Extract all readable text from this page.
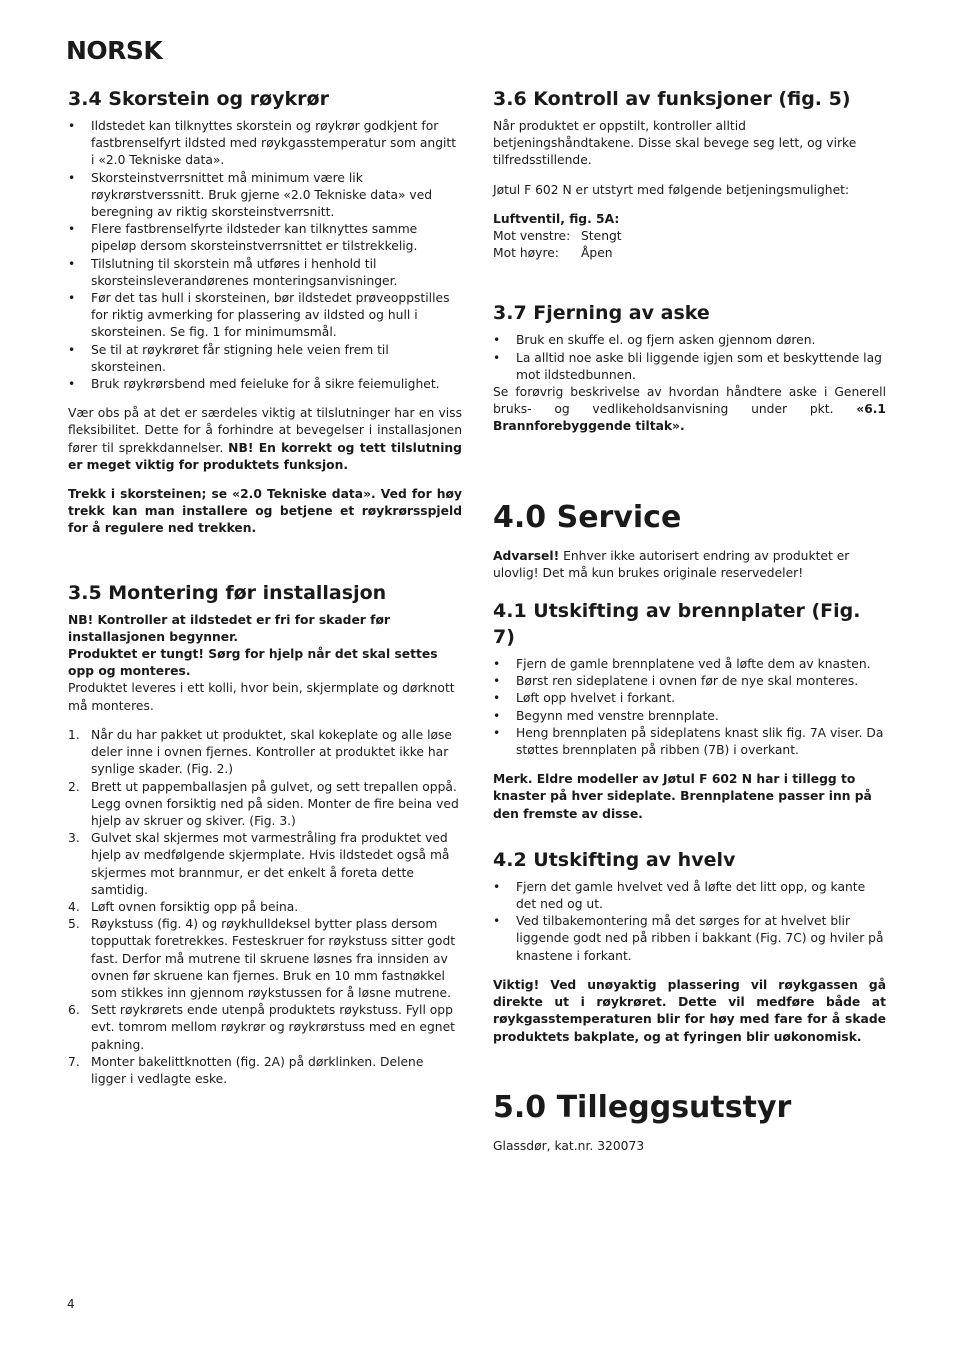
NORSK
3.4 Skorstein og røykrør
• Ildstedet kan tilknyttes skorstein og røykrør godkjent for fastbrenselfyrt ildsted med røykgasstemperatur som angitt i «2.0 Tekniske data».
• Skorsteinstverrsnittet må minimum være lik røykrørstverssnitt. Bruk gjerne «2.0 Tekniske data» ved beregning av riktig skorsteinstverrsnitt.
• Flere fastbrenselfyrte ildsteder kan tilknyttes samme pipeløp dersom skorsteinstverrsnittet er tilstrekkelig.
• Tilslutning til skorstein må utføres i henhold til skorsteinsleverandørenes monteringsanvisninger.
• Før det tas hull i skorsteinen, bør ildstedet prøveoppstilles for riktig avmerking for plassering av ildsted og hull i skorsteinen. Se fig. 1 for minimumsmål.
• Se til at røykrøret får stigning hele veien frem til skorsteinen.
• Bruk røykrørsbend med feieluke for å sikre feiemulighet.

Vær obs på at det er særdeles viktig at tilslutninger har en viss fleksibilitet. Dette for å forhindre at bevegelser i installasjonen fører til sprekkdannelser. NB! En korrekt og tett tilslutning er meget viktig for produktets funksjon.

Trekk i skorsteinen; se «2.0 Tekniske data». Ved for høy trekk kan man installere og betjene et røykrørsspjeld for å regulere ned trekken.

3.5 Montering før installasjon

NB! Kontroller at ildstedet er fri for skader før installasjonen begynner.

Produktet er tungt! Sørg for hjelp når det skal settes opp og monteres.

Produktet leveres i ett kolli, hvor bein, skjermplate og dørknott må monteres.

1. Når du har pakket ut produktet, skal kokeplate og alle løse deler inne i ovnen fjernes. Kontroller at produktet ikke har synlige skader. (Fig. 2.)
2. Brett ut pappemballasjen på gulvet, og sett trepallen oppå. Legg ovnen forsiktig ned på siden. Monter de fire beina ved hjelp av skruer og skiver. (Fig. 3.)
3. Gulvet skal skjermes mot varmestråling fra produktet ved hjelp av medfølgende skjermplate. Hvis ildstedet også må skjermes mot brannmur, er det enkelt å foreta dette samtidig.
4. Løft ovnen forsiktig opp på beina.
5. Røykstuss (fig. 4) og røykhulldeksel bytter plass dersom topputtak foretrekkes. Festeskruer for røykstuss sitter godt fast. Derfor må mutrene til skruene løsnes fra innsiden av ovnen før skruene kan fjernes. Bruk en 10 mm fastnøkkel som stikkes inn gjennom røykstussen for å løsne mutrene.
6. Sett røykrørets ende utenpå produktets røykstuss. Fyll opp evt. tomrom mellom røykrør og røykrørstuss med en egnet pakning.
7. Monter bakelittknotten (fig. 2A) på dørklinken. Delene ligger i vedlagte eske.
3.6 Kontroll av funksjoner (fig. 5)

Når produktet er oppstilt, kontroller alltid betjeningshåndtakene. Disse skal bevege seg lett, og virke tilfredsstillende.

Jøtul F 602 N er utstyrt med følgende betjeningsmulighet:

Luftventil, fig. 5A:

Mot venstre: Stengt
Mot høyre:	Åpen
3.7 Fjerning av aske
• Bruk en skuffe el. og fjern asken gjennom døren.
• La alltid noe aske bli liggende igjen som et beskyttende lag mot ildstedbunnen.

Se forøvrig beskrivelse av hvordan håndtere aske i Generell bruks- og vedlikeholdsanvisning under pkt. «6.1 Brannforebyggende tiltak».

4.0 Service

Advarsel! Enhver ikke autorisert endring av produktet er ulovlig! Det må kun brukes originale reservedeler!

4.1 Utskifting av brennplater (Fig. 7)
• Fjern de gamle brennplatene ved å løfte dem av knasten.
• Børst ren sideplatene i ovnen før de nye skal monteres.
• Løft opp hvelvet i forkant.
• Begynn med venstre brennplate.
• Heng brennplaten på sideplatens knast slik fig. 7A viser. Da støttes brennplaten på ribben (7B) i overkant.

Merk. Eldre modeller av Jøtul F 602 N har i tillegg to knaster på hver sideplate. Brennplatene passer inn på den fremste av disse.

4.2 Utskifting av hvelv
• Fjern det gamle hvelvet ved å løfte det litt opp, og kante det ned og ut.
• Ved tilbakemontering må det sørges for at hvelvet blir liggende godt ned på ribben i bakkant (Fig. 7C) og hviler på knastene i forkant.

Viktig! Ved unøyaktig plassering vil røykgassen gå direkte ut i røykrøret. Dette vil medføre både at røykgasstemperaturen blir for høy med fare for å skade produktets bakplate, og at fyringen blir uøkonomisk.

5.0 Tilleggsutstyr

Glassdør, kat.nr. 320073

4
